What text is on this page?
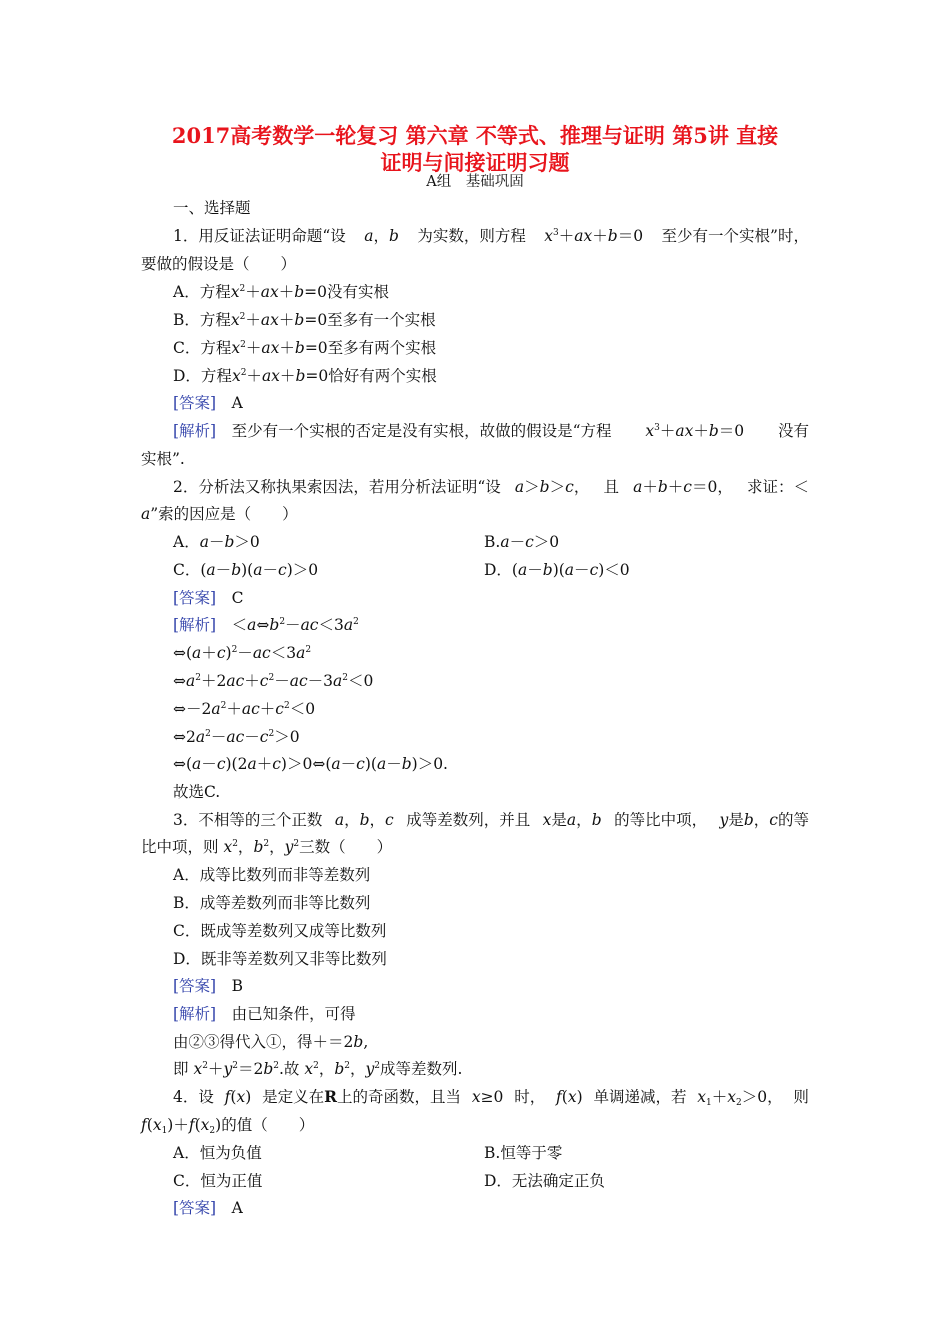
2017高考数学一轮复习 第六章 不等式、推理与证明 第5讲 直接
证明与间接证明习题
A组　基础巩固
一、选择题
1．用反证法证明命题“设 a，b 为实数，则方程 $x^3+ax+b=0$ 至少有一个实根”时，
要做的假设是（　　）
A．方程$x^2+ax+b=0$没有实根
B．方程$x^2+ax+b=0$至多有一个实根
C．方程$x^2+ax+b=0$至多有两个实根
D．方程$x^2+ax+b=0$恰好有两个实根
[答案]　 A
[解析]　至少有一个实根的否定是没有实根，故做的假设是“方程 $x^3+ax+b=0$ 没有
实根”.
2．分析法又称执果索因法，若用分析法证明“设 a＞b＞c， 且 a＋b＋c＝0， 求证：＜
a”索的因应是（　　）
A．a－b＞0	B.a－c＞0
C．(a－b)(a－c)＞0	D．(a－b)(a－c)＜0
[答案]　 C
[解析]　$<a\Leftrightarrow b^2-ac<3a^2$
$\Leftrightarrow(a+c)^2-ac<3a^2$
$\Leftrightarrow a^2+2ac+c^2-ac-3a^2<0$
$\Leftrightarrow-2a^2+ac+c^2<0$
$\Leftrightarrow 2a^2-ac-c^2>0$
⇔(a－c)(2a＋c)＞0⇔(a－c)(a－b)＞0.
故选C.
3．不相等的三个正数 a，b，c 成等差数列，并且 x是a，b 的等比中项， y是b，c的等
比中项，则 $x^2$，$b^2$，$y^2$三数（　　）
A．成等比数列而非等差数列
B．成等差数列而非等比数列
C．既成等差数列又成等比数列
D．既非等差数列又非等比数列
[答案]　 B
[解析]　 由已知条件，可得
由②③得代入①，得＋＝2b,
即 $x^2+y^2=2b^2$.故 $x^2$，$b^2$，$y^2$成等差数列.
4．设 f(x) 是定义在R上的奇函数，且当 x≥0 时， f(x) 单调递减，若 $x_1+x_2>0$， 则
$f(x_1)+f(x_2)$的值（　　）
A．恒为负值	B.恒等于零
C．恒为正值	D．无法确定正负
[答案]　 A
